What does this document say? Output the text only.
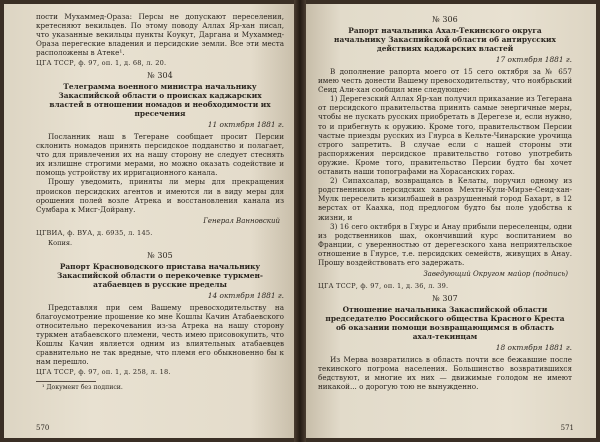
пости Мухаммед-Ораза: Персы не допускают переселения, кретесняют векильцев. По этому поводу Аллах Яр-хан писал, что указанные векильцы пункты Коукут, Даргана и Мухаммед-Ораза перегеские владения и персидские земли. Все эти места расположены в Атеке¹.

ЦГА ТССР, ф. 97, оп. 1, д. 68, л. 20.

№ 304
Телеграмма военного министра начальнику Закаспийской области о происках каджарских властей в отношении номадов и необходимости их пресечения
11 октября 1881 г.

Посланник наш в Тегеране сообщает просит Персии склонить номадов принять персидское подданство и полагает, что для привлечения их на нашу сторону не следует стеснять их излишне строгими мерами, но можно оказать содействие и помощь устройству их ирригационного канала.

Прошу уведомить, приняты ли меры для прекращения происков персидских агентов и имеются ли в виду меры для орошения полей возле Атрека и восстановления канала из Сумбара к Мисг-Дойрану.

Генерал Ванновский

ЦГВИА, ф. ВУА, д. 6935, л. 145.

Копия.

№ 305
Рапорт Красноводского пристава начальнику Закаспийской области о перекочевке туркмен-атабаевцев в русские пределы
14 октября 1881 г.

Представляя при сем Вашему превосходительству на благоусмотрение прошение ко мне Кошлы Качин Атабаевского относительно перекочевания из-за Атрека на нашу сторону туркмен атабаевского племени, честь имею присовокупить, что Кошлы Качин является одним из влиятельных атабаевцев сравнительно не так вредные, что племя его обыкновенно бы к нам перешло.

ЦГА ТССР, ф. 97, оп. 1, д. 258, л. 18.

¹ Документ без подписи.

570
№ 306
Рапорт начальника Ахал-Текинского округа начальнику Закаспийской области об антирусских действиях каджарских властей
17 октября 1881 г.

В дополнение рапорта моего от 15 сего октября за № 657 имею честь донести Вашему превосходительству, что ноябрьский Сеид Али-хан сообщил мне следующее:

1) Дерегезский Аллах Яр-хан получил приказание из Тегерана от персидского правительства принять самые энергичные меры, чтобы не пускать русских приобретать в Дерегезе и, если нужно, то и прибегнуть к оружию. Кроме того, правительством Персии частые приезды русских из Гяурса в Кельте-Чинарские урочища строго запретить. В случае если с нашей стороны эти распоряжения персидское правительство готово употребить оружие. Кроме того, правительство Персии будто бы хочет оставить наши топографами на Хорасанских горах.

2) Сипахсалар, возвращаясь в Келаты, поручил одному из родственников персидских ханов Мехти-Кули-Мирзе-Сеид-хан-Мулк переселить кизилбашей в разрушенный город Бахарт, в 12 верстах от Каахка, под предлогом будто бы поле удобства к жизни, и

3) 16 сего октября в Гяурс и Анау прибыли переселенцы, одни из родственников шах, окончивший курс воспитанием во Франции, с уверенностью от дерегезского хана неприятельское отношение в Гяурсе, т.е. персидских семейств, живущих в Анау. Прошу воздействовать его задержать.

Заведующий Округом майор (подпись)

ЦГА ТССР, ф. 97, оп. 1, д. 36, л. 39.

№ 307
Отношение начальника Закаспийской области председателю Российского общества Красного Креста об оказании помощи возвращающимся в область ахал-текинцам
18 октября 1881 г.

Из Мерва возвратились в область почти все бежавшие после текинского погрома населения. Большинство возвратившихся бедствуют, и многие их них — движимые голодом не имеют никакой... о дорогую тою не вынужденно.

571
